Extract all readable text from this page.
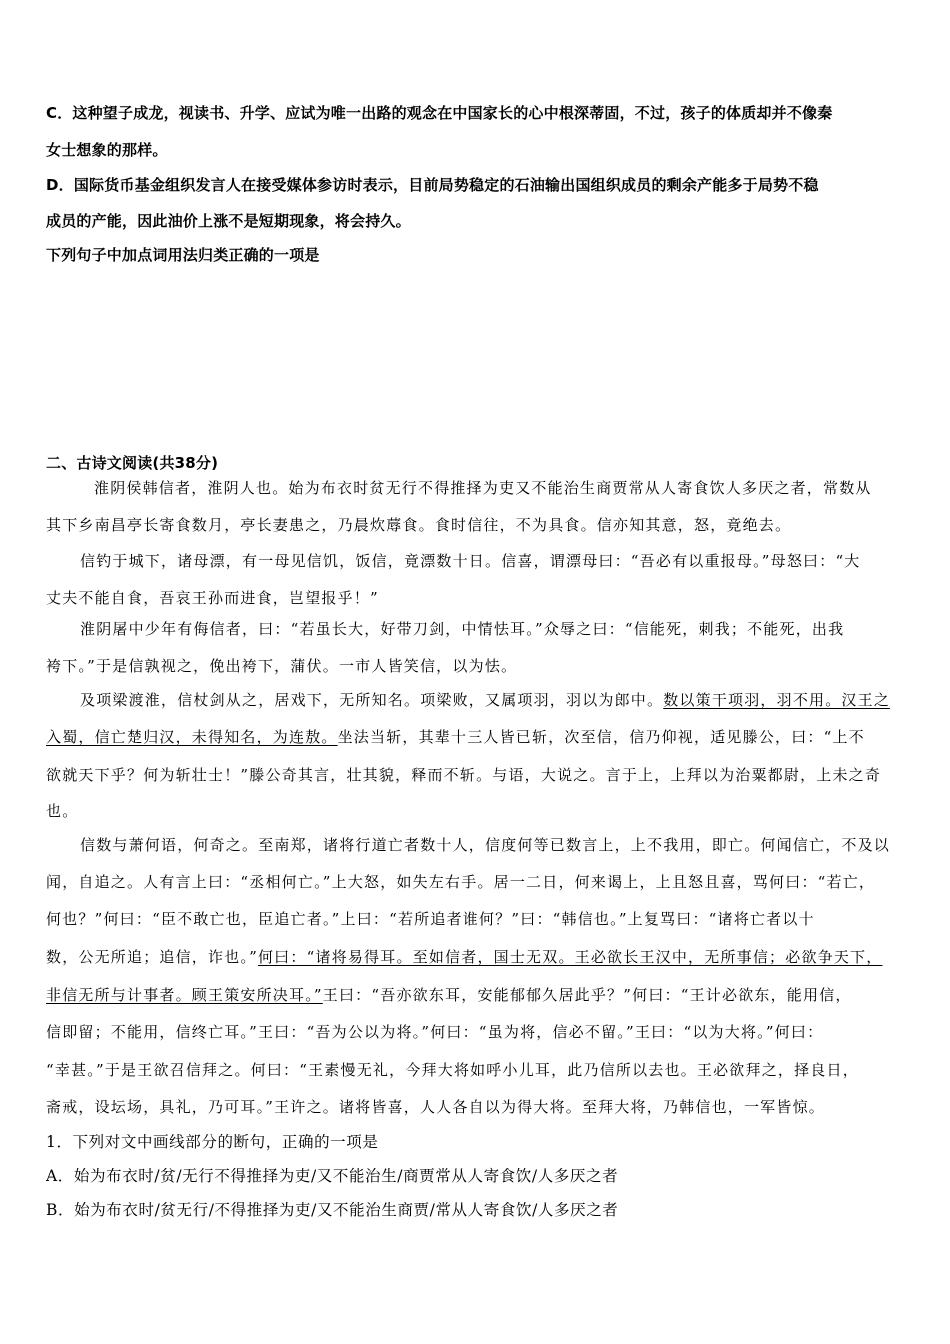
C．这种望子成龙，视读书、升学、应试为唯一出路的观念在中国家长的心中根深蒂固，不过，孩子的体质却并不像秦
女士想象的那样。
D．国际货币基金组织发言人在接受媒体参访时表示，目前局势稳定的石油输出国组织成员的剩余产能多于局势不稳
成员的产能，因此油价上涨不是短期现象，将会持久。
下列句子中加点词用法归类正确的一项是
二、古诗文阅读(共38分)
淮阴侯韩信者，淮阴人也。始为布衣时贫无行不得推择为吏又不能治生商贾常从人寄食饮人多厌之者，常数从
其下乡南昌亭长寄食数月，亭长妻患之，乃晨炊蓐食。食时信往，不为具食。信亦知其意，怒，竟绝去。
信钓于城下，诸母漂，有一母见信饥，饭信，竟漂数十日。信喜，谓漂母曰：“吾必有以重报母。”母怒曰：“大
丈夫不能自食，吾哀王孙而进食，岂望报乎！”
淮阴屠中少年有侮信者，曰：“若虽长大，好带刀剑，中情怯耳。”众辱之曰：“信能死，刺我；不能死，出我
袴下。”于是信孰视之，俛出袴下，蒲伏。一市人皆笑信，以为怯。
及项梁渡淮，信杖剑从之，居戏下，无所知名。项梁败，又属项羽，羽以为郎中。数以策干项羽，羽不用。汉王之
入蜀，信亡楚归汉，未得知名，为连敖。坐法当斩，其辈十三人皆已斩，次至信，信乃仰视，适见滕公，曰：“上不
欲就天下乎？何为斩壮士！”滕公奇其言，壮其貌，释而不斩。与语，大说之。言于上，上拜以为治粟都尉，上未之奇
也。
信数与萧何语，何奇之。至南郑，诸将行道亡者数十人，信度何等已数言上，上不我用，即亡。何闻信亡，不及以
闻，自追之。人有言上曰：“丞相何亡。”上大怒，如失左右手。居一二日，何来谒上，上且怒且喜，骂何曰：“若亡，
何也？”何曰：“臣不敢亡也，臣追亡者。”上曰：“若所追者谁何？”曰：“韩信也。”上复骂曰：“诸将亡者以十
数，公无所追；追信，诈也。”何曰：“诸将易得耳。至如信者，国士无双。王必欲长王汉中，无所事信；必欲争天下，
非信无所与计事者。顾王策安所决耳。”王曰：“吾亦欲东耳，安能郁郁久居此乎？”何曰：“王计必欲东，能用信，
信即留；不能用，信终亡耳。”王曰：“吾为公以为将。”何曰：“虽为将，信必不留。”王曰：“以为大将。”何曰：
“幸甚。”于是王欲召信拜之。何曰：“王素慢无礼，今拜大将如呼小儿耳，此乃信所以去也。王必欲拜之，择良日，
斋戒，设坛场，具礼，乃可耳。”王许之。诸将皆喜，人人各自以为得大将。至拜大将，乃韩信也，一军皆惊。
1．下列对文中画线部分的断句，正确的一项是
A．始为布衣时/贫/无行不得推择为吏/又不能治生/商贾常从人寄食饮/人多厌之者
B．始为布衣时/贫无行/不得推择为吏/又不能治生商贾/常从人寄食饮/人多厌之者
